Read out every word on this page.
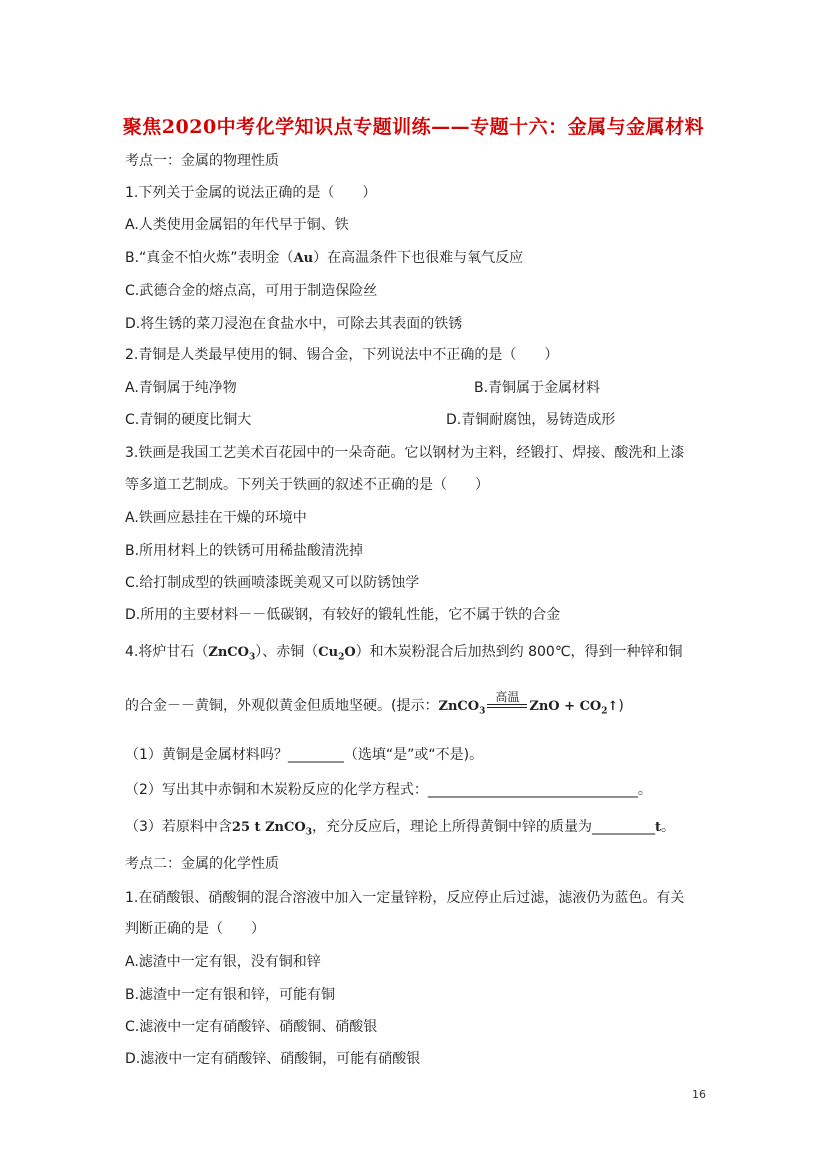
聚焦2020中考化学知识点专题训练——专题十六：金属与金属材料
考点一：金属的物理性质
1.下列关于金属的说法正确的是（　　）
A.人类使用金属铝的年代早于铜、铁
B.“真金不怕火炼”表明金（Au）在高温条件下也很难与氧气反应
C.武德合金的熔点高，可用于制造保险丝
D.将生锈的菜刀浸泡在食盐水中，可除去其表面的铁锈
2.青铜是人类最早使用的铜、锡合金，下列说法中不正确的是（　　）
A.青铜属于纯净物	B.青铜属于金属材料
C.青铜的硬度比铜大	D.青铜耐腐蚀，易铸造成形
3.铁画是我国工艺美术百花园中的一朵奇葩。它以钢材为主料，经锻打、焊接、酸洗和上漆
等多道工艺制成。下列关于铁画的叙述不正确的是（　　）
A.铁画应悬挂在干燥的环境中
B.所用材料上的铁锈可用稀盐酸清洗掉
C.给打制成型的铁画喷漆既美观又可以防锈蚀学
D.所用的主要材料－－低碳钢，有较好的锻轧性能，它不属于铁的合金
4.将炉甘石（ZnCO$_3$）、赤铜$(Cu_2O)$和木炭粉混合后加热到约 800℃，得到一种锌和铜
的合金－－黄铜，外观似黄金但质地坚硬。(提示：ZnCO$_3$
高温
ZnO + $CO_2↑$)
（1）黄铜是金属材料吗？________（选填“是”或“不是)。
（2）写出其中赤铜和木炭粉反应的化学方程式：______________________________。
（3）若原料中含25 t ZnCO$_3$，充分反应后，理论上所得黄铜中锌的质量为_________t。
考点二：金属的化学性质
1.在硝酸银、硝酸铜的混合溶液中加入一定量锌粉，反应停止后过滤，滤液仍为蓝色。有关
判断正确的是（　　）
A.滤渣中一定有银，没有铜和锌
B.滤渣中一定有银和锌，可能有铜
C.滤液中一定有硝酸锌、硝酸铜、硝酸银
D.滤液中一定有硝酸锌、硝酸铜，可能有硝酸银
16
